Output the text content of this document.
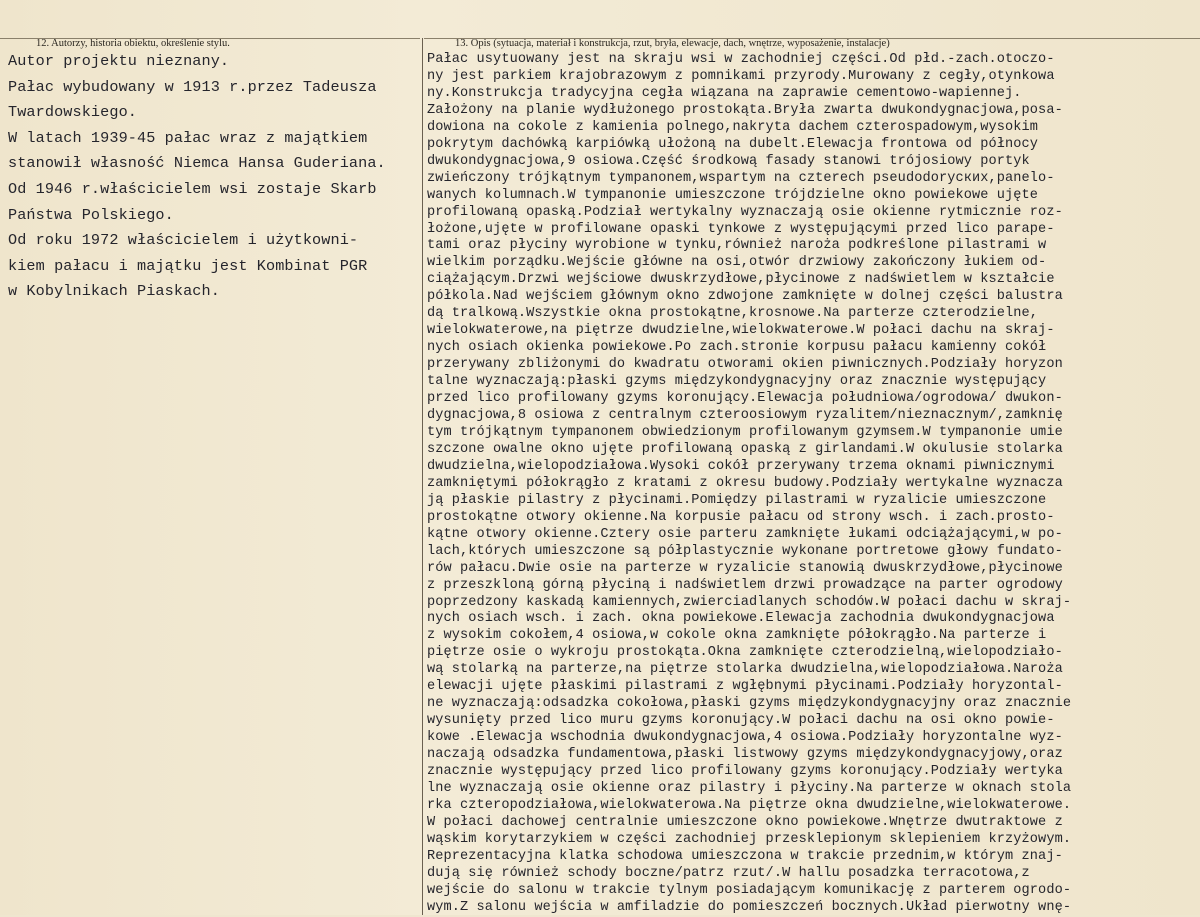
12. Autorzy, historia obiektu, określenie stylu.	13. Opis (sytuacja, materiał i konstrukcja, rzut, bryła, elewacje, dach, wnętrze, wyposażenie, instalacje)
Autor projektu nieznany.
Pałac wybudowany w 1913 r.przez Tadeusza
Twardowskiego.
W latach 1939-45 pałac wraz z majątkiem
stanowił własność Niemca Hansa Guderiana.
Od 1946 r.właścicielem wsi zostaje Skarb
Państwa Polskiego.
Od roku 1972 właścicielem i użytkowni-
kiem pałacu i majątku jest Kombinat PGR
w Kobylnikach Piaskach.
Pałac usytuowany jest na skraju wsi w zachodniej części.Od płd.-zach.otoczo-
ny jest parkiem krajobrazowym z pomnikami przyrody.Murowany z cegły,otynkowa
ny.Konstrukcja tradycyjna cegła wiązana na zaprawie cementowo-wapiennej.
Założony na planie wydłużonego prostokąta.Bryła zwarta dwukondygnacjowa,posa-
dowiona na cokole z kamienia polnego,nakryta dachem czterospadowym,wysokim
pokrytym dachówką karpiówką ułożoną na dubelt.Elewacja frontowa od północy
dwukondygnacjowa,9 osiowa.Część środkową fasady stanowi trójosiowy portyk
zwieńczony trójkątnym tympanonem,wspartym na czterech pseudodorycких,panelo-
wanych kolumnach.W tympanonie umieszczone trójdzielne okno powiekowe ujęte
profilowaną opaską.Podział wertykalny wyznaczają osie okienne rytmicznie roz-
łożone,ujęte w profilowane opaski tynkowe z występującymi przed lico parape-
tami oraz płyciny wyrobione w tynku,również naroża podkreślone pilastrami w
wielkim porządku.Wejście główne na osi,otwór drzwiowy zakończony łukiem od-
ciążającym.Drzwi wejściowe dwuskrzydłowe,płycinowe z nadświetlem w kształcie
półkola.Nad wejściem głównym okno zdwojone zamknięte w dolnej części balustra
dą tralkową.Wszystkie okna prostokątne,krosnowe.Na parterze czterodzielne,
wielokwaterowe,na piętrze dwudzielne,wielokwaterowe.W połaci dachu na skraj-
nych osiach okienka powiekowe.Po zach.stronie korpusu pałacu kamienny cokół
przerywany zbliżonymi do kwadratu otworami okien piwnicznych.Podziały horyzon
talne wyznaczają:płaski gzyms międzykondygnacyjny oraz znacznie występujący
przed lico profilowany gzyms koronujący.Elewacja południowa/ogrodowa/ dwukon-
dygnacjowa,8 osiowa z centralnym czteroosiowym ryzalitem/nieznacznym/,zamknię
tym trójkątnym tympanonem obwiedzionym profilowanym gzymsem.W tympanonie umie
szczone owalne okno ujęte profilowaną opaską z girlandami.W okulusie stolarka
dwudzielna,wielopodziałowa.Wysoki cokół przerywany trzema oknami piwnicznymi
zamkniętymi półokrągło z kratami z okresu budowy.Podziały wertykalne wyznacza
ją płaskie pilastry z płycinami.Pomiędzy pilastrami w ryzalicie umieszczone
prostokątne otwory okienne.Na korpusie pałacu od strony wsch. i zach.prosto-
kątne otwory okienne.Cztery osie parteru zamknięte łukami odciążającymi,w po-
lach,których umieszczone są półplastycznie wykonane portretowe głowy fundato-
rów pałacu.Dwie osie na parterze w ryzalicie stanowią dwuskrzydłowe,płycinowe
z przeszkloną górną płyciną i nadświetlem drzwi prowadzące na parter ogrodowy
poprzedzony kaskadą kamiennych,zwierciadlanych schodów.W połaci dachu w skraj-
nych osiach wsch. i zach. okna powiekowe.Elewacja zachodnia dwukondygnacjowa
z wysokim cokołem,4 osiowa,w cokole okna zamknięte półokrągło.Na parterze i
piętrze osie o wykroju prostokąta.Okna zamknięte czterodzielną,wielopodziało-
wą stolarką na parterze,na piętrze stolarka dwudzielna,wielopodziałowa.Naroża
elewacji ujęte płaskimi pilastrami z wgłębnymi płycinami.Podziały horyzontal-
ne wyznaczają:odsadzka cokołowa,płaski gzyms międzykondygnacyjny oraz znacznie
wysunięty przed lico muru gzyms koronujący.W połaci dachu na osi okno powie-
kowe .Elewacja wschodnia dwukondygnacjowa,4 osiowa.Podziały horyzontalne wyz-
naczają odsadzka fundamentowa,płaski listwowy gzyms międzykondygnacyjowy,oraz
znacznie występujący przed lico profilowany gzyms koronujący.Podziały wertyka
lne wyznaczają osie okienne oraz pilastry i płyciny.Na parterze w oknach stola
rka czteropodziałowa,wielokwaterowa.Na piętrze okna dwudzielne,wielokwaterowe.
W połaci dachowej centralnie umieszczone okno powiekowe.Wnętrze dwutraktowe z
wąskim korytarzykiem w części zachodniej przesklepionym sklepieniem krzyżowym.
Reprezentacyjna klatka schodowa umieszczona w trakcie przednim,w którym znaj-
dują się również schody boczne/patrz rzut/.W hallu posadzka terracotowa,z
wejście do salonu w trakcie tylnym posiadającym komunikację z parterem ogrodo-
wym.Z salonu wejścia w amfiladzie do pomieszczeń bocznych.Układ pierwotny wnę-
